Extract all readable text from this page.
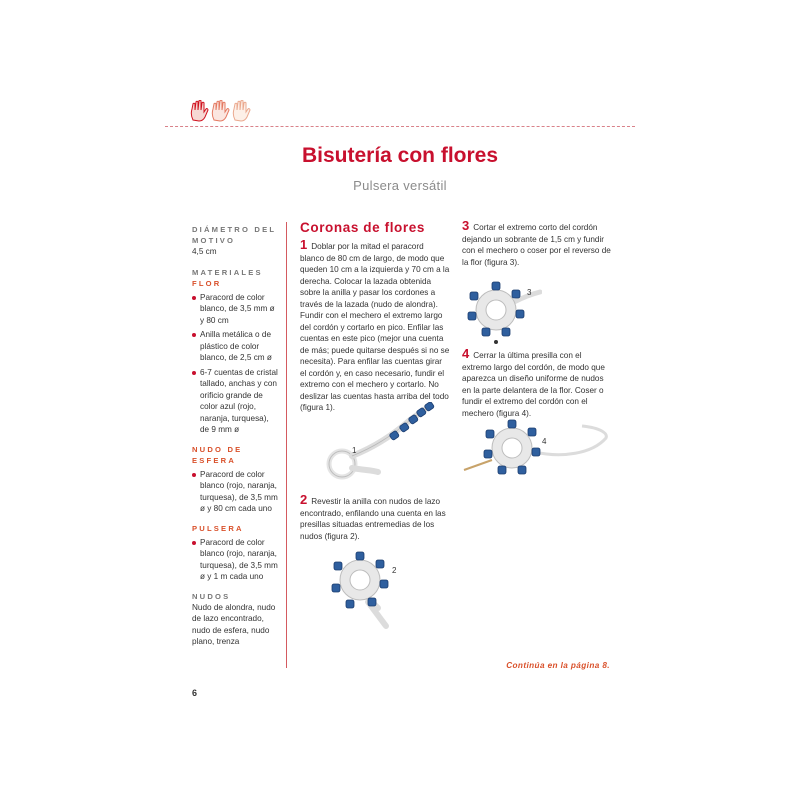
Bisutería con flores
Pulsera versátil
DIÁMETRO DEL MOTIVO
4,5 cm
MATERIALES
FLOR
Paracord de color blanco, de 3,5 mm ø y 80 cm
Anilla metálica o de plástico de color blanco, de 2,5 cm ø
6-7 cuentas de cristal tallado, anchas y con orificio grande de color azul (rojo, naranja, turquesa), de 9 mm ø
NUDO DE ESFERA
Paracord de color blanco (rojo, naranja, turquesa), de 3,5 mm ø y 80 cm cada uno
PULSERA
Paracord de color blanco (rojo, naranja, turquesa), de 3,5 mm ø y 1 m cada uno
NUDOS
Nudo de alondra, nudo de lazo encontrado, nudo de esfera, nudo plano, trenza
Coronas de flores

1 Doblar por la mitad el paracord blanco de 80 cm de largo, de modo que queden 10 cm a la izquierda y 70 cm a la derecha. Colocar la lazada obtenida sobre la anilla y pasar los cordones a través de la lazada (nudo de alondra). Fundir con el mechero el extremo largo del cordón y cortarlo en pico. Enfilar las cuentas en este pico (mejor una cuenta de más; puede quitarse después si no se necesita). Para enfilar las cuentas girar el cordón y, en caso necesario, fundir el extremo con el mechero y cortarlo. No deslizar las cuentas hasta arriba del todo (figura 1).

2 Revestir la anilla con nudos de lazo encontrado, enfilando una cuenta en las presillas situadas entremedias de los nudos (figura 2).

3 Cortar el extremo corto del cordón dejando un sobrante de 1,5 cm y fundir con el mechero o coser por el reverso de la flor (figura 3).

4 Cerrar la última presilla con el extremo largo del cordón, de modo que aparezca un diseño uniforme de nudos en la parte delantera de la flor. Coser o fundir el extremo del cordón con el mechero (figura 4).

1
2
3
4
Continúa en la página 8.
6
